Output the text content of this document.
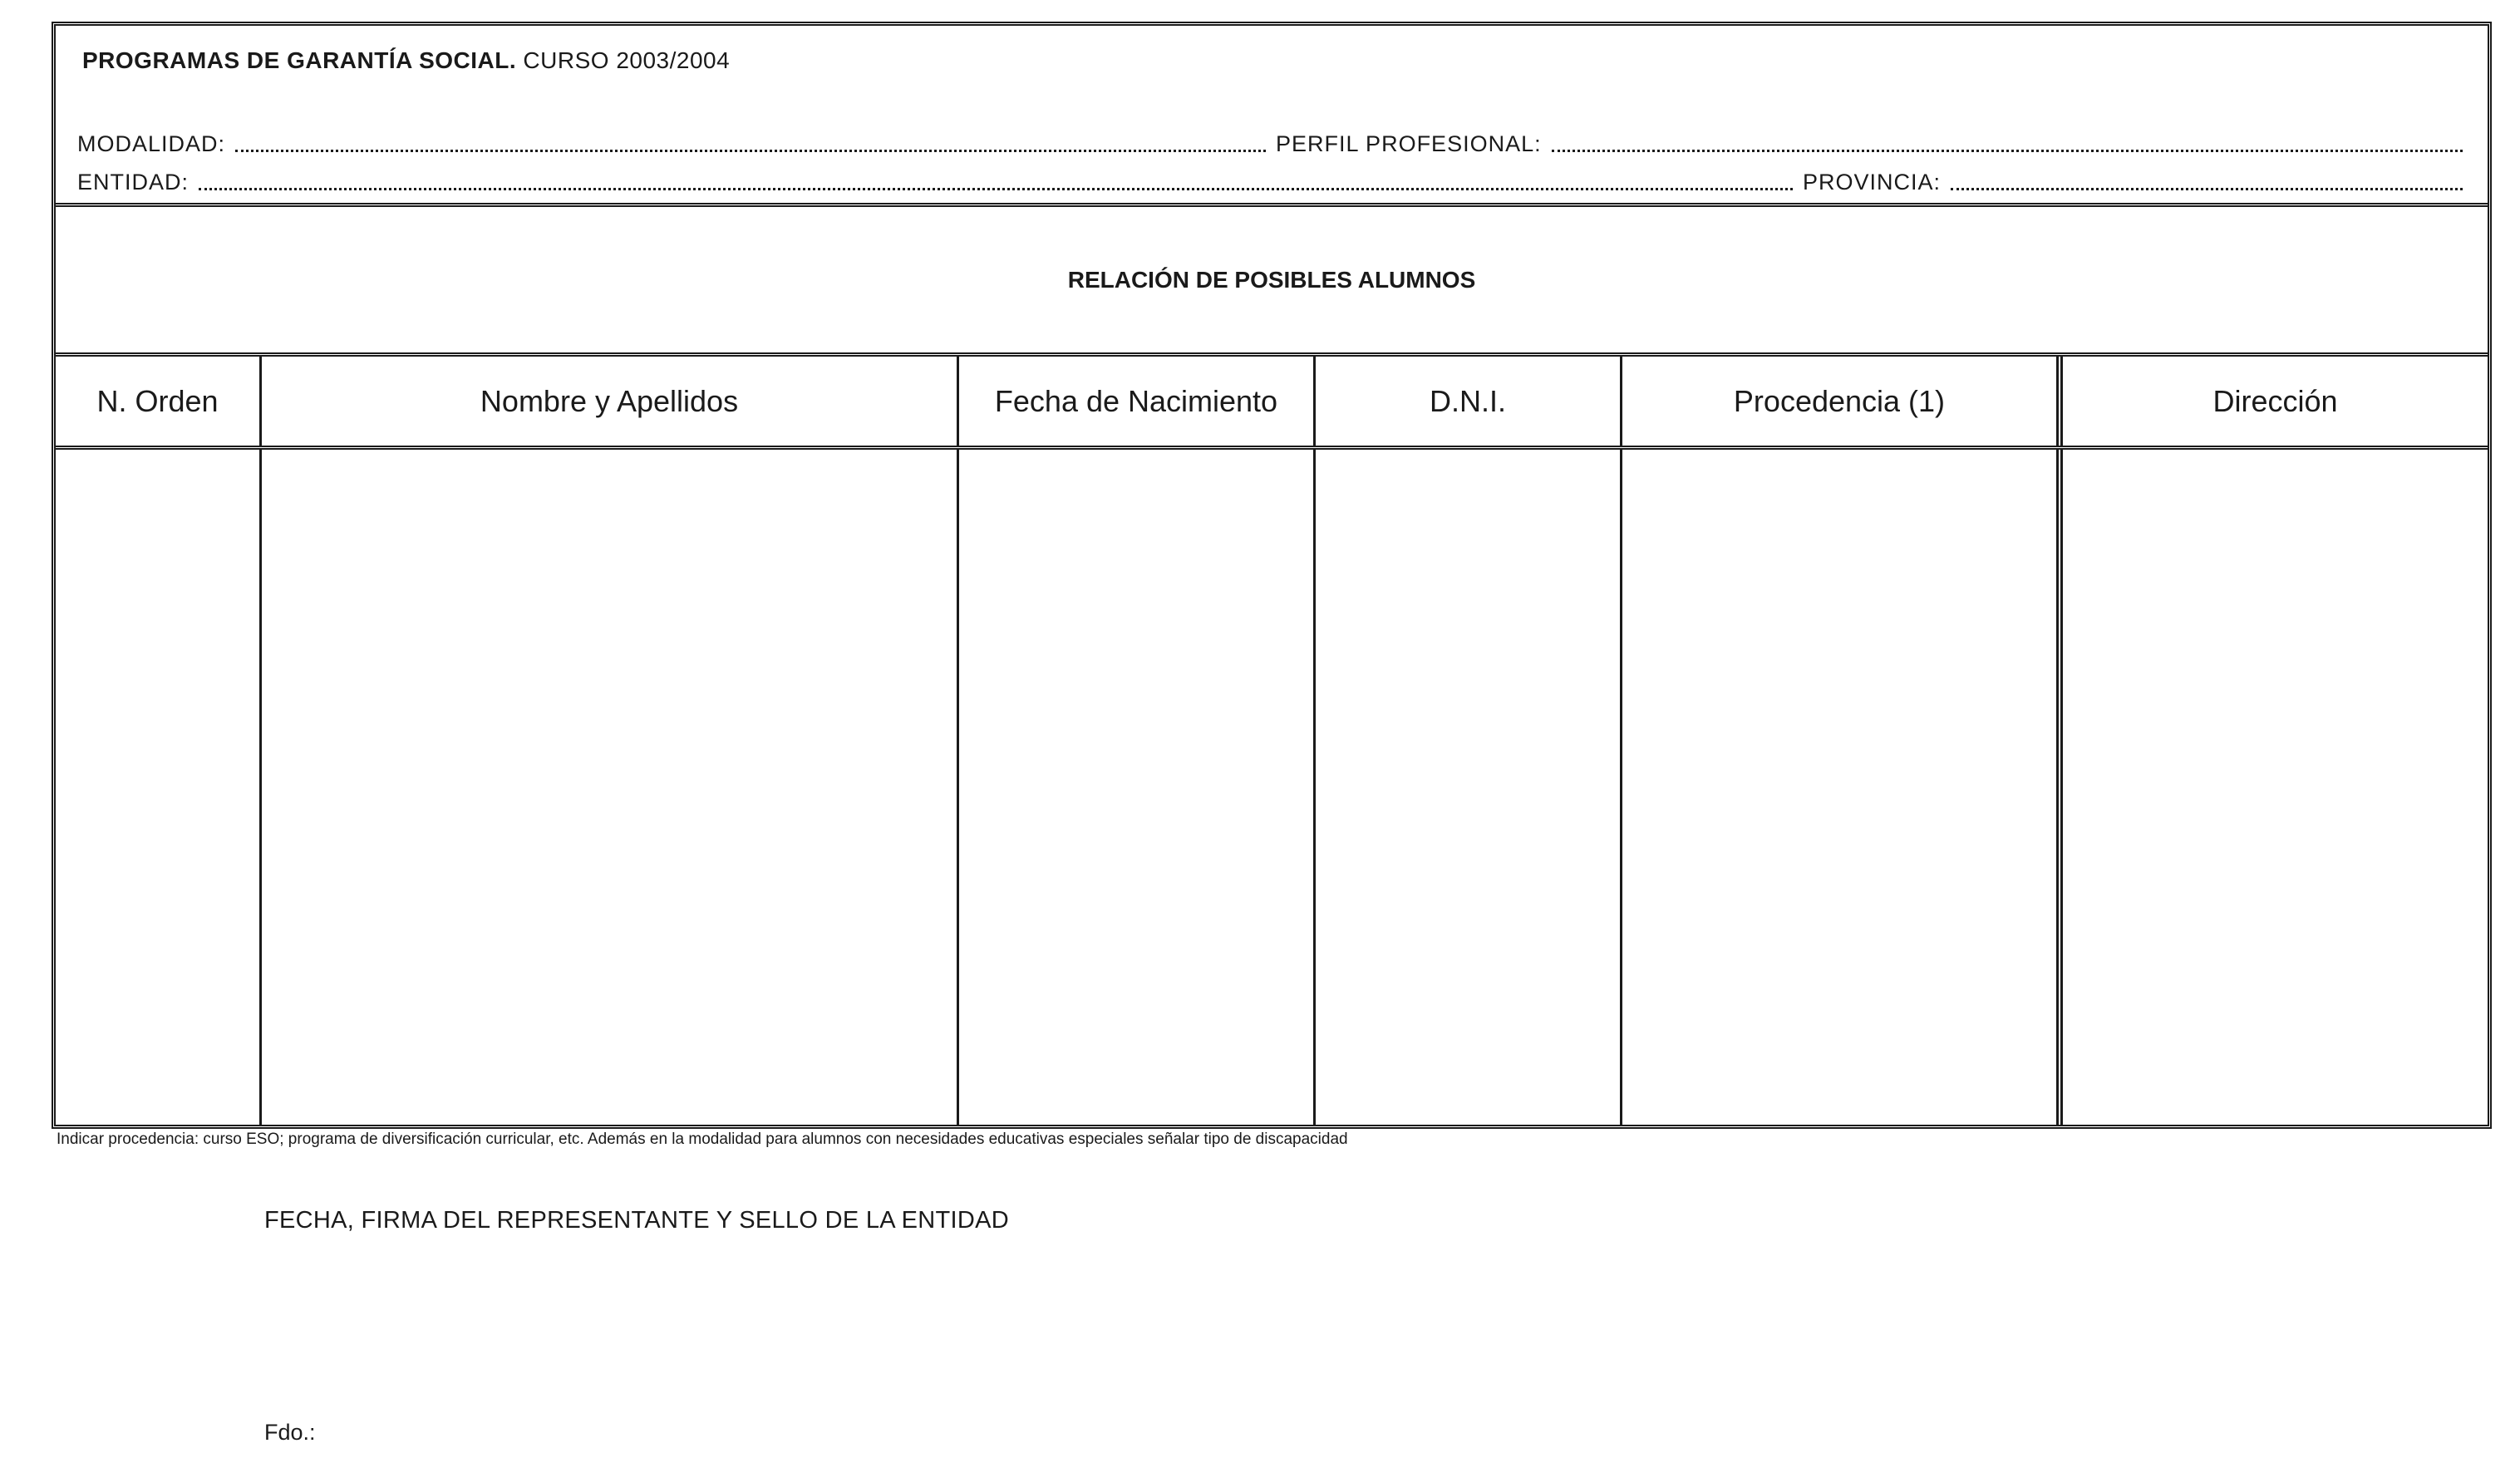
PROGRAMAS DE GARANTÍA SOCIAL. CURSO 2003/2004
MODALIDAD:	PERFIL PROFESIONAL:
ENTIDAD:	PROVINCIA:
RELACIÓN DE POSIBLES ALUMNOS
N. Orden	Nombre y Apellidos	Fecha de Nacimiento	D.N.I.	Procedencia (1)	Dirección
Indicar procedencia: curso ESO; programa de diversificación curricular, etc. Además en la modalidad para alumnos con necesidades educativas especiales señalar tipo de discapacidad
FECHA, FIRMA DEL REPRESENTANTE Y SELLO DE LA ENTIDAD
Fdo.:
